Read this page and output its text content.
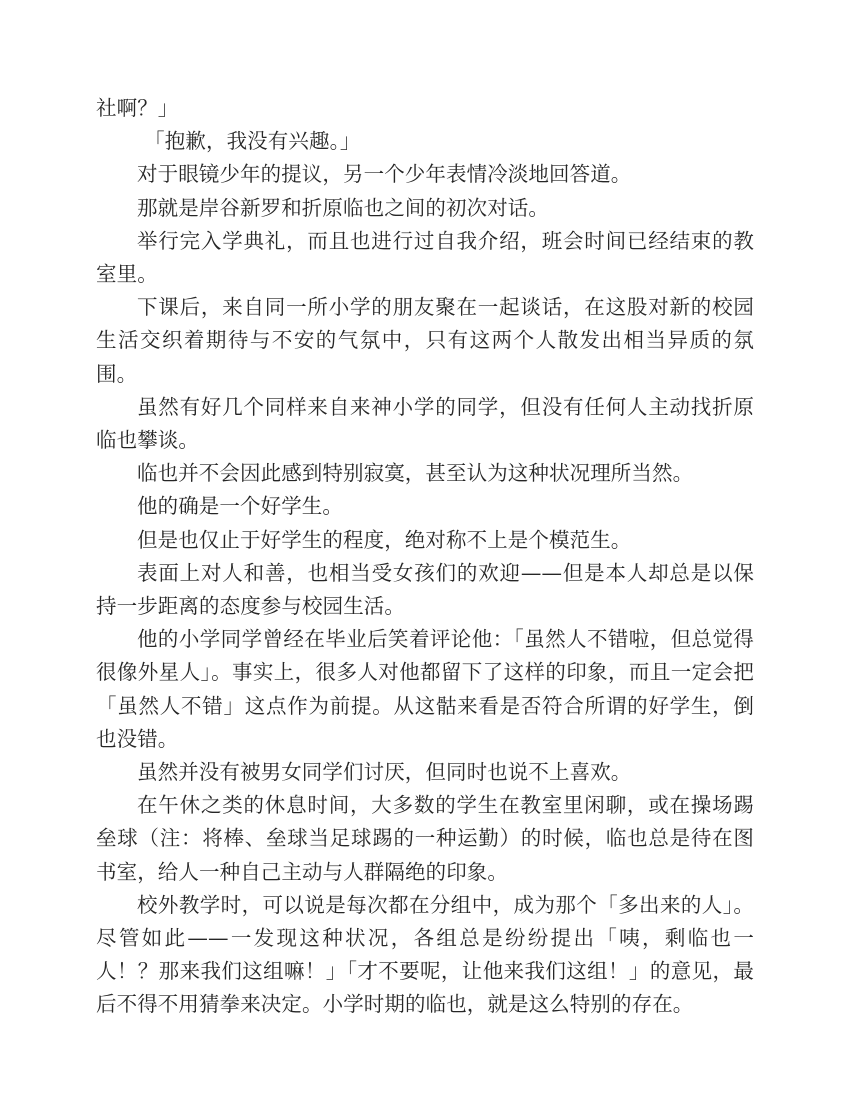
社啊？」

「抱歉，我没有兴趣。」

对于眼镜少年的提议，另一个少年表情冷淡地回答道。

那就是岸谷新罗和折原临也之间的初次对话。

举行完入学典礼，而且也进行过自我介绍，班会时间已经结束的教室里。

下课后，来自同一所小学的朋友聚在一起谈话，在这股对新的校园生活交织着期待与不安的气氛中，只有这两个人散发出相当异质的氛围。

虽然有好几个同样来自来神小学的同学，但没有任何人主动找折原临也攀谈。

临也并不会因此感到特别寂寞，甚至认为这种状况理所当然。

他的确是一个好学生。

但是也仅止于好学生的程度，绝对称不上是个模范生。

表面上对人和善，也相当受女孩们的欢迎——但是本人却总是以保持一步距离的态度参与校园生活。

他的小学同学曾经在毕业后笑着评论他：「虽然人不错啦，但总觉得很像外星人」。事实上，很多人对他都留下了这样的印象，而且一定会把「虽然人不错」这点作为前提。从这骷来看是否符合所谓的好学生，倒也没错。

虽然并没有被男女同学们讨厌，但同时也说不上喜欢。

在午休之类的休息时间，大多数的学生在教室里闲聊，或在操场踢垒球（注：将棒、垒球当足球踢的一种运勤）的时候，临也总是待在图书室，给人一种自己主动与人群隔绝的印象。

校外教学时，可以说是每次都在分组中，成为那个「多出来的人」。尽管如此——一发现这种状况，各组总是纷纷提出「咦，剩临也一人！？那来我们这组嘛！」「才不要呢，让他来我们这组！」的意见，最后不得不用猜拳来决定。小学时期的临也，就是这么特别的存在。
